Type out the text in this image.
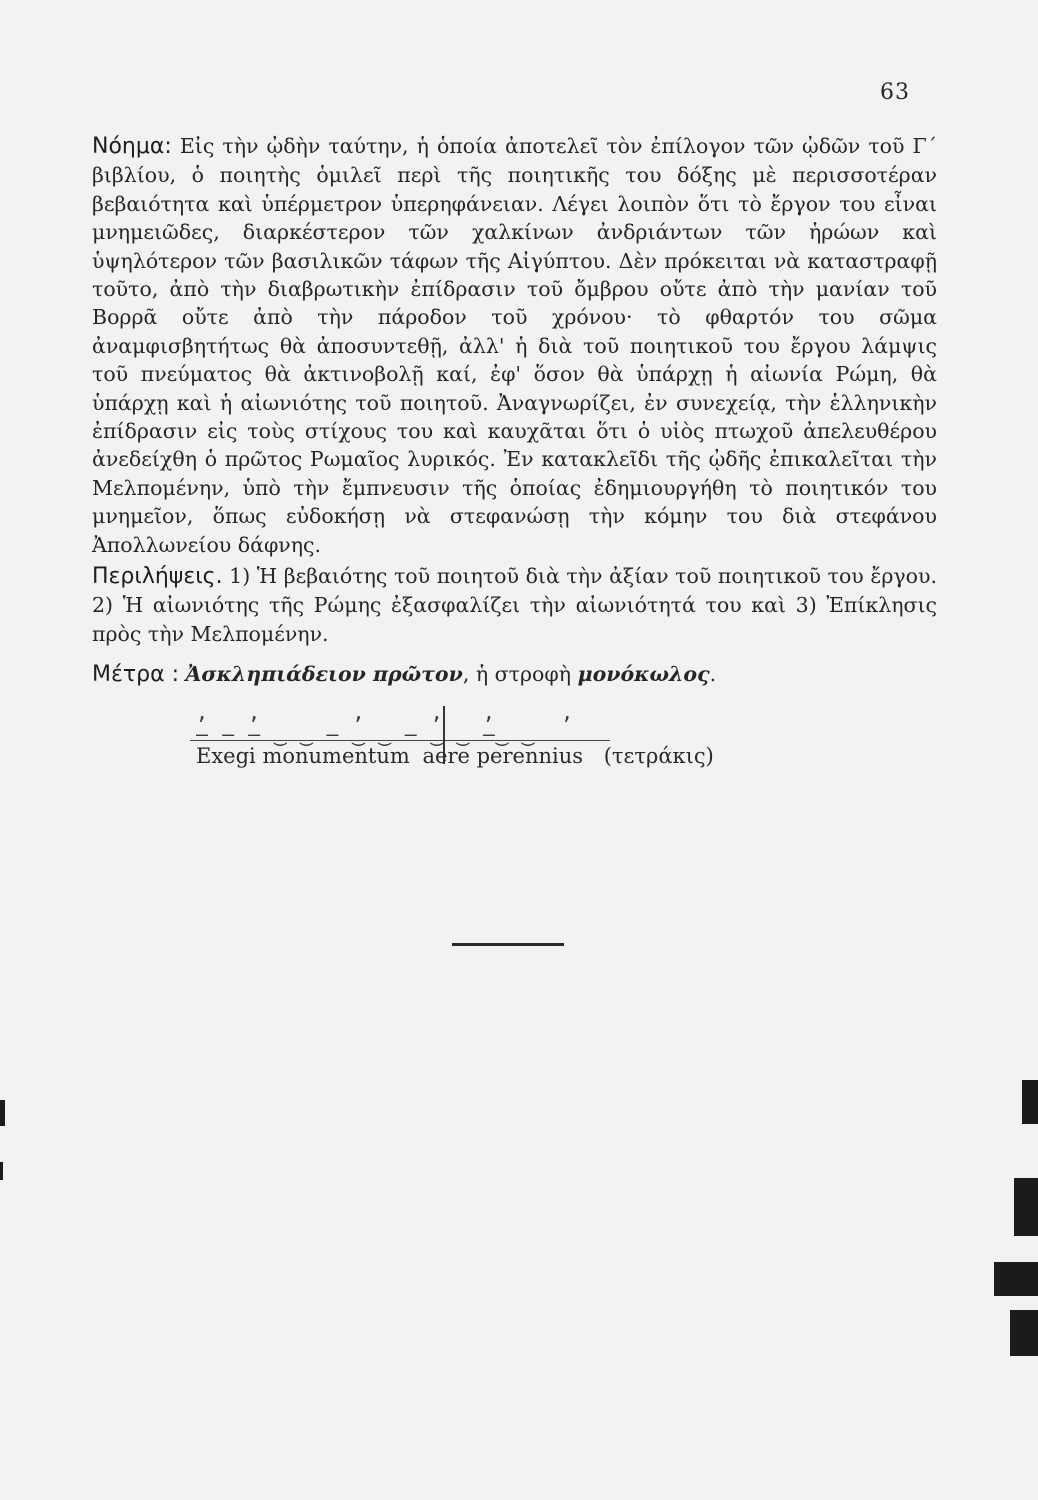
63
Νόημα: Εἰς τὴν ᾠδὴν ταύτην, ἡ ὁποία ἀποτελεῖ τὸν ἐπίλογον τῶν ᾠδῶν τοῦ Γ΄ βιβλίου, ὁ ποιητὴς ὁμιλεῖ περὶ τῆς ποιητικῆς του δόξης μὲ περισσοτέραν βεβαιότητα καὶ ὑπέρμετρον ὑπερηφάνειαν. Λέγει λοιπὸν ὅτι τὸ ἔργον του εἶναι μνημειῶδες, διαρκέστερον τῶν χαλκίνων ἀνδριάντων τῶν ἡρώων καὶ ὑψηλότερον τῶν βασιλικῶν τάφων τῆς Αἰγύπτου. Δὲν πρόκειται νὰ καταστραφῇ τοῦτο, ἀπὸ τὴν διαβρωτικὴν ἐπίδρασιν τοῦ ὄμβρου οὔτε ἀπὸ τὴν μανίαν τοῦ Βορρᾶ οὔτε ἀπὸ τὴν πάροδον τοῦ χρόνου· τὸ φθαρτόν του σῶμα ἀναμφισβητήτως θὰ ἀποσυντεθῇ, ἀλλ' ἡ διὰ τοῦ ποιητικοῦ του ἔργου λάμψις τοῦ πνεύματος θὰ ἀκτινοβολῇ καί, ἐφ' ὅσον θὰ ὑπάρχῃ ἡ αἰωνία Ρώμη, θὰ ὑπάρχῃ καὶ ἡ αἰωνιότης τοῦ ποιητοῦ. Ἀναγνωρίζει, ἐν συνεχείᾳ, τὴν ἑλληνικὴν ἐπίδρασιν εἰς τοὺς στίχους του καὶ καυχᾶται ὅτι ὁ υἱὸς πτωχοῦ ἀπελευθέρου ἀνεδείχθη ὁ πρῶτος Ρωμαῖος λυρικός. Ἐν κατακλεῖδι τῆς ᾠδῆς ἐπικαλεῖται τὴν Μελπομένην, ὑπὸ τὴν ἔμπνευσιν τῆς ὁποίας ἐδημιουργήθη τὸ ποιητικόν του μνημεῖον, ὅπως εὐδοκήσῃ νὰ στεφανώσῃ τὴν κόμην του διὰ στεφάνου Ἀπολλωνείου δάφνης.
Περιλήψεις. 1) Ἡ βεβαιότης τοῦ ποιητοῦ διὰ τὴν ἀξίαν τοῦ ποιητικοῦ του ἔργου. 2) Ἡ αἰωνιότης τῆς Ρώμης ἐξασφαλίζει τὴν αἰωνιότητά του καὶ 3) Ἐπίκλησις πρὸς τὴν Μελπομένην.
Μέτρα : Ἀσκληπιάδειον πρῶτον, ἡ στροφὴ μονόκωλος.
,   ,       ,     ,   ,     ,
— — — ‿ ‿ — ‿ ‿ — ‿ ‿ —‿ ‿
Exegi monumentum aere perennius (τετράκις)
